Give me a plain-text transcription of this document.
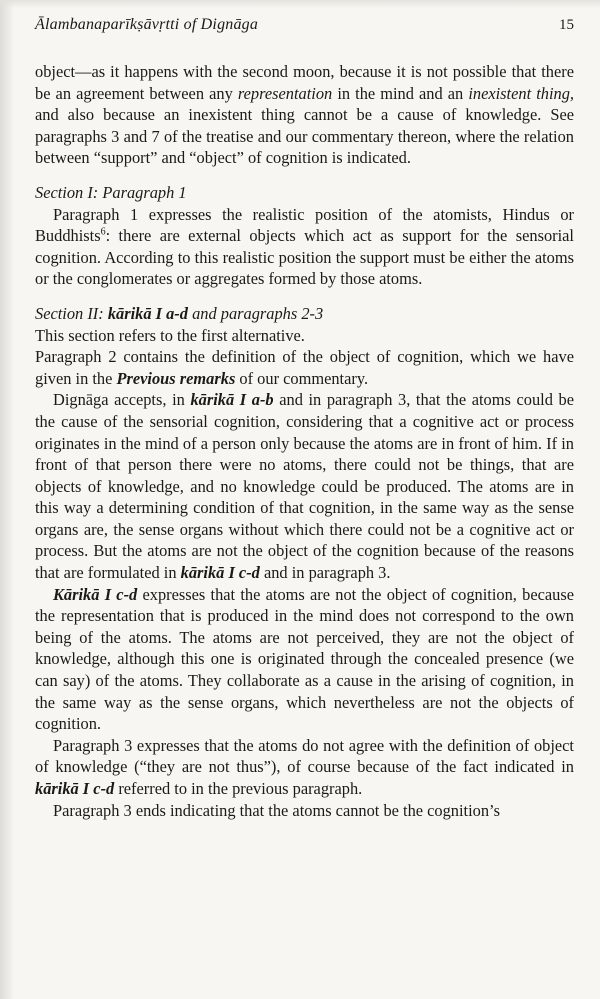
Ālambanaparīkṣāvṛtti of Dignāga	15

object—as it happens with the second moon, because it is not possible that there be an agreement between any representation in the mind and an inexistent thing, and also because an inexistent thing cannot be a cause of knowledge. See paragraphs 3 and 7 of the treatise and our commentary thereon, where the relation between “support” and “object” of cognition is indicated.

Section I: Paragraph 1

Paragraph 1 expresses the realistic position of the atomists, Hindus or Buddhists$^6$: there are external objects which act as support for the sensorial cognition. According to this realistic position the support must be either the atoms or the conglomerates or aggregates formed by those atoms.

Section II: kārikā I a-d and paragraphs 2-3

This section refers to the first alternative.

Paragraph 2 contains the definition of the object of cognition, which we have given in the Previous remarks of our commentary.

Dignāga accepts, in kārikā I a-b and in paragraph 3, that the atoms could be the cause of the sensorial cognition, considering that a cognitive act or process originates in the mind of a person only because the atoms are in front of him. If in front of that person there were no atoms, there could not be things, that are objects of knowledge, and no knowledge could be produced. The atoms are in this way a determining condition of that cognition, in the same way as the sense organs are, the sense organs without which there could not be a cognitive act or process. But the atoms are not the object of the cognition because of the reasons that are formulated in kārikā I c-d and in paragraph 3.

Kārikā I c-d expresses that the atoms are not the object of cognition, because the representation that is produced in the mind does not correspond to the own being of the atoms. The atoms are not perceived, they are not the object of knowledge, although this one is originated through the concealed presence (we can say) of the atoms. They collaborate as a cause in the arising of cognition, in the same way as the sense organs, which nevertheless are not the objects of cognition.

Paragraph 3 expresses that the atoms do not agree with the definition of object of knowledge (“they are not thus”), of course because of the fact indicated in kārikā I c-d referred to in the previous paragraph.

Paragraph 3 ends indicating that the atoms cannot be the cognition’s
